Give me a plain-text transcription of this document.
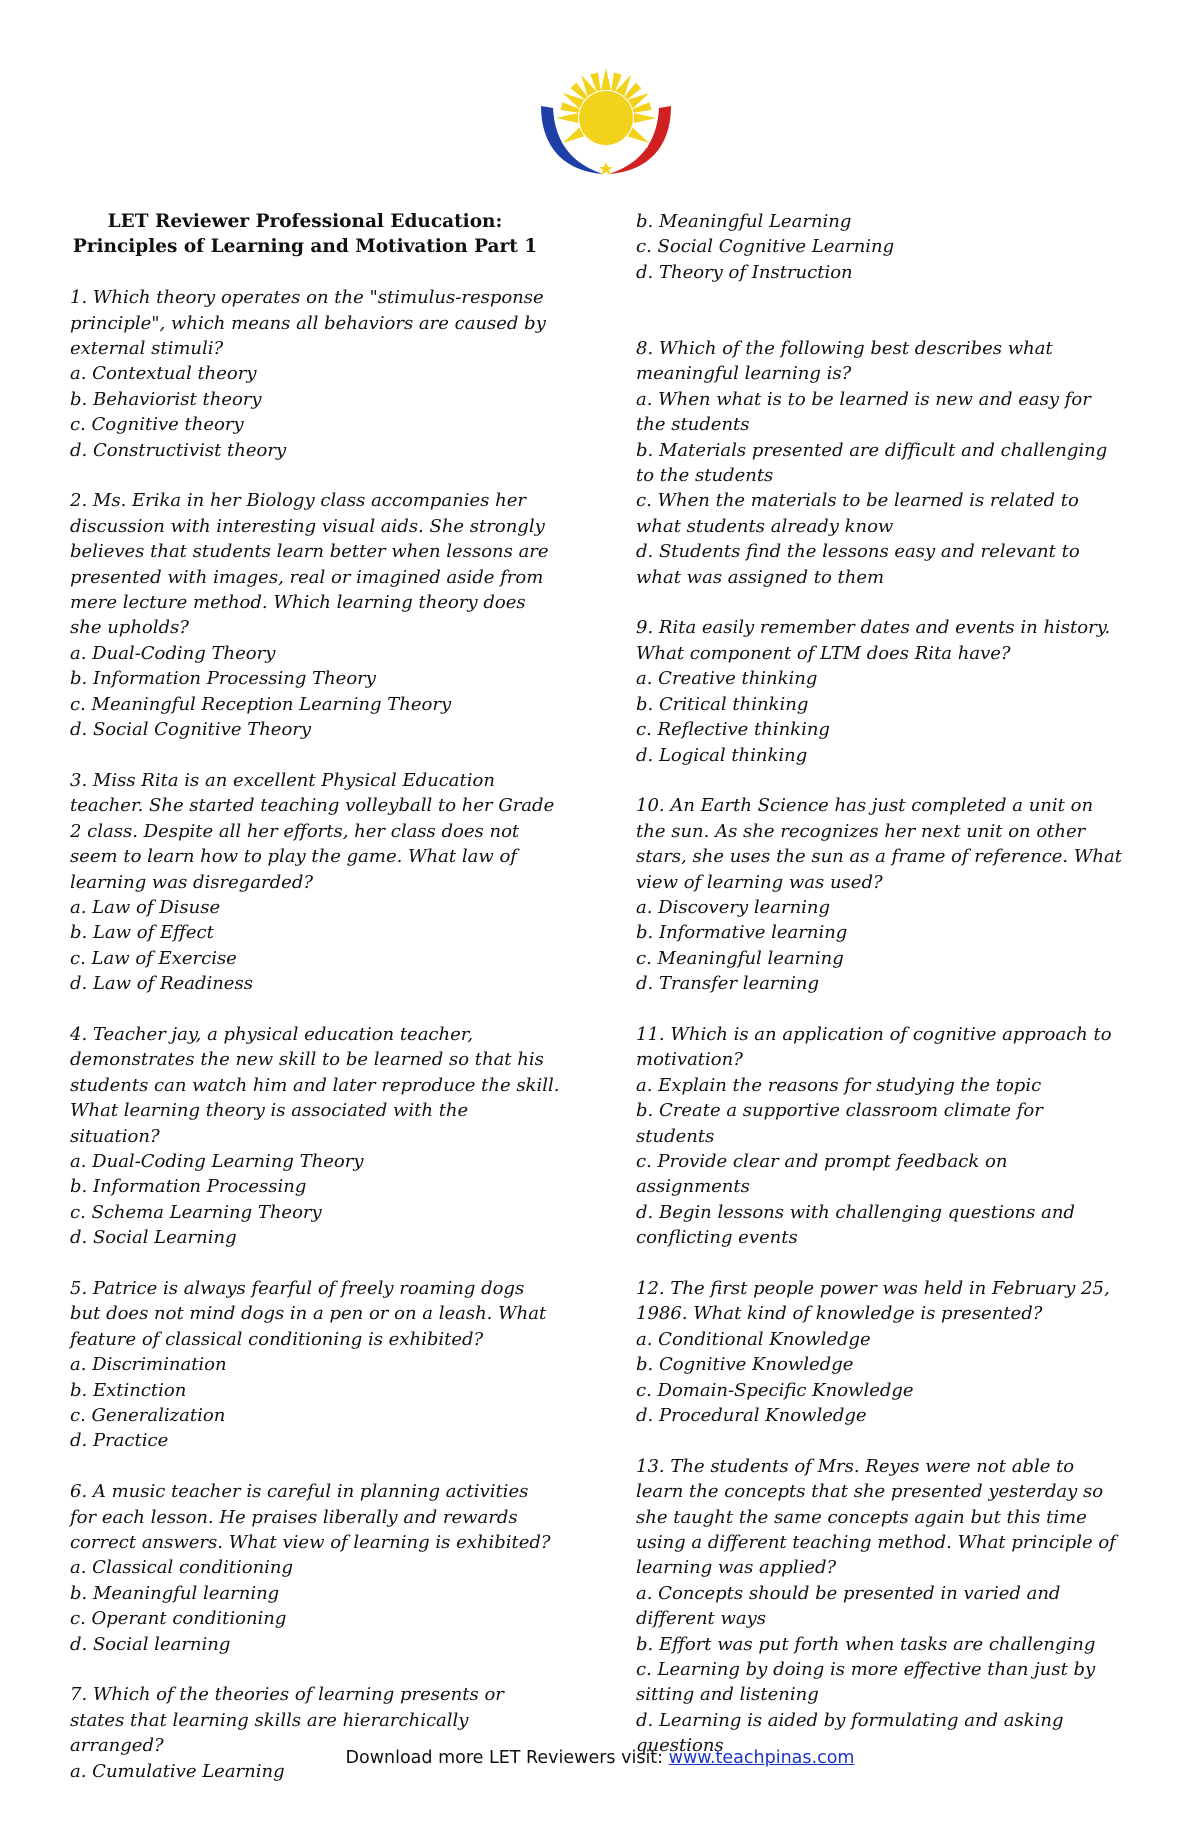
Teach	Pinas
LET Reviewer Professional Education:
Principles of Learning and Motivation Part 1

1. Which theory operates on the "stimulus-response principle", which means all behaviors are caused by external stimuli?

a. Contextual theory

b. Behaviorist theory

c. Cognitive theory

d. Constructivist theory

2. Ms. Erika in her Biology class accompanies her discussion with interesting visual aids. She strongly believes that students learn better when lessons are presented with images, real or imagined aside from mere lecture method. Which learning theory does she upholds?

a. Dual-Coding Theory

b. Information Processing Theory

c. Meaningful Reception Learning Theory

d. Social Cognitive Theory

3. Miss Rita is an excellent Physical Education teacher. She started teaching volleyball to her Grade 2 class. Despite all her efforts, her class does not seem to learn how to play the game. What law of learning was disregarded?

a. Law of Disuse

b. Law of Effect

c. Law of Exercise

d. Law of Readiness

4. Teacher jay, a physical education teacher, demonstrates the new skill to be learned so that his students can watch him and later reproduce the skill. What learning theory is associated with the situation?

a. Dual-Coding Learning Theory

b. Information Processing

c. Schema Learning Theory

d. Social Learning

5. Patrice is always fearful of freely roaming dogs but does not mind dogs in a pen or on a leash. What feature of classical conditioning is exhibited?

a. Discrimination

b. Extinction

c. Generalization

d. Practice

6. A music teacher is careful in planning activities for each lesson. He praises liberally and rewards correct answers. What view of learning is exhibited?

a. Classical conditioning

b. Meaningful learning

c. Operant conditioning

d. Social learning

7. Which of the theories of learning presents or states that learning skills are hierarchically arranged?

a. Cumulative Learning

b. Meaningful Learning

c. Social Cognitive Learning

d. Theory of Instruction

8. Which of the following best describes what meaningful learning is?

a. When what is to be learned is new and easy for the students

b. Materials presented are difficult and challenging to the students

c. When the materials to be learned is related to what students already know

d. Students find the lessons easy and relevant to what was assigned to them

9. Rita easily remember dates and events in history. What component of LTM does Rita have?

a. Creative thinking

b. Critical thinking

c. Reflective thinking

d. Logical thinking

10. An Earth Science has just completed a unit on the sun. As she recognizes her next unit on other stars, she uses the sun as a frame of reference. What view of learning was used?

a. Discovery learning

b. Informative learning

c. Meaningful learning

d. Transfer learning

11. Which is an application of cognitive approach to motivation?

a. Explain the reasons for studying the topic

b. Create a supportive classroom climate for students

c. Provide clear and prompt feedback on assignments

d. Begin lessons with challenging questions and conflicting events

12. The first people power was held in February 25, 1986. What kind of knowledge is presented?

a. Conditional Knowledge

b. Cognitive Knowledge

c. Domain-Specific Knowledge

d. Procedural Knowledge

13. The students of Mrs. Reyes were not able to learn the concepts that she presented yesterday so she taught the same concepts again but this time using a different teaching method. What principle of learning was applied?

a. Concepts should be presented in varied and different ways

b. Effort was put forth when tasks are challenging

c. Learning by doing is more effective than just by sitting and listening

d. Learning is aided by formulating and asking questions

Download more LET Reviewers visit: www.teachpinas.com
